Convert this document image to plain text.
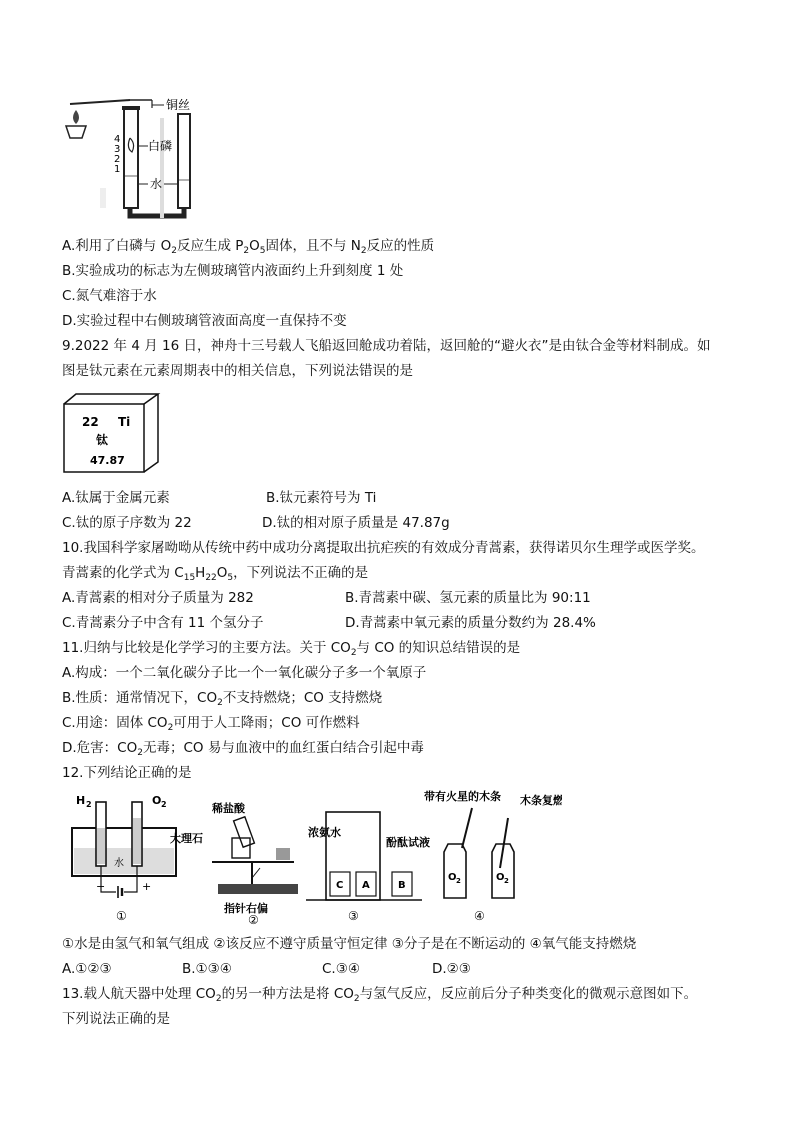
铜丝
白磷
水
4
3
2
1
A.利用了白磷与 $O_2$反应生成 $P_2O_5$固体，且不与 $N_2$反应的性质
B.实验成功的标志为左侧玻璃管内液面约上升到刻度 1 处
C.氮气难溶于水
D.实验过程中右侧玻璃管液面高度一直保持不变
9.2022 年 4 月 16 日，神舟十三号载人飞船返回舱成功着陆，返回舱的“避火衣”是由钛合金等材料制成。如
图是钛元素在元素周期表中的相关信息，下列说法错误的是
22 Ti
钛
47.87
A.钛属于金属元素	B.钛元素符号为 Ti
C.钛的原子序数为 22	D.钛的相对原子质量是 47.87g
10.我国科学家屠呦呦从传统中药中成功分离提取出抗疟疾的有效成分青蒿素，获得诺贝尔生理学或医学奖。
青蒿素的化学式为 $C_{15}H_{22}O_5$，下列说法不正确的是
A.青蒿素的相对分子质量为 282	B.青蒿素中碳、氢元素的质量比为 90:11
C.青蒿素分子中含有 11 个氢分子	D.青蒿素中氧元素的质量分数约为 28.4%
11.归纳与比较是化学学习的主要方法。关于 $CO_2$与 CO 的知识总结错误的是
A.构成：一个二氧化碳分子比一个一氧化碳分子多一个氧原子
B.性质：通常情况下，$CO_2$不支持燃烧；CO 支持燃烧
C.用途：固体 $CO_2$可用于人工降雨；CO 可作燃料
D.危害：$CO_2$无毒；CO 易与血液中的血红蛋白结合引起中毒
12.下列结论正确的是
H 2	O 2
水
−	+
①
稀盐酸
大理石
指针右偏
②
浓氨水
C A	B
酚酞试液
③
带有火星的木条
O 2	O 2
木条复燃
④
①水是由氢气和氧气组成 ②该反应不遵守质量守恒定律 ③分子是在不断运动的 ④氧气能支持燃烧
A.①②③	B.①③④	C.③④	D.②③
13.载人航天器中处理 $CO_2$的另一种方法是将 $CO_2$与氢气反应，反应前后分子种类变化的微观示意图如下。
下列说法正确的是
